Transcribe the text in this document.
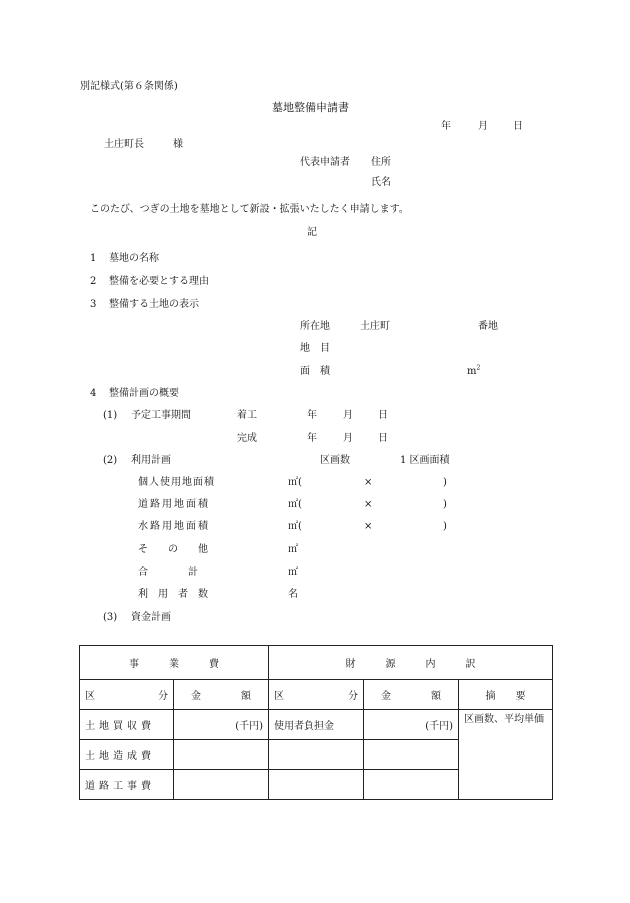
別記様式(第６条関係)
墓地整備申請書
年	月	日
土庄町長	様
代表申請者 住所
氏名
このたび、つぎの土地を墓地として新設・拡張いたしたく申請します。
記
1 墓地の名称
2 整備を必要とする理由
3 整備する土地の表示
所在地	土庄町	番地
地　目
面　積	$m^2$
4 整備計画の概要
(1) 予定工事期間	着工	年	月	日
完成	年	月	日
(2) 利用計画	区画数	1 区画面積
個人使用地面積	㎡(	×	)
道路用地面積	㎡(	×	)
水路用地面積	㎡(	×	)
そ　　の　　他	㎡
合　　　　計	㎡
利　用　者　数	名
(3) 資金計画
事　　　業　　　費		財　　　源　　　内　　　訳		

区 分	金 額	区 分	金 額	摘　　要
土地買収費	(千円)	使用者負担金	(千円)	区画数、平均単価
土地造成費				
道路工事費				
